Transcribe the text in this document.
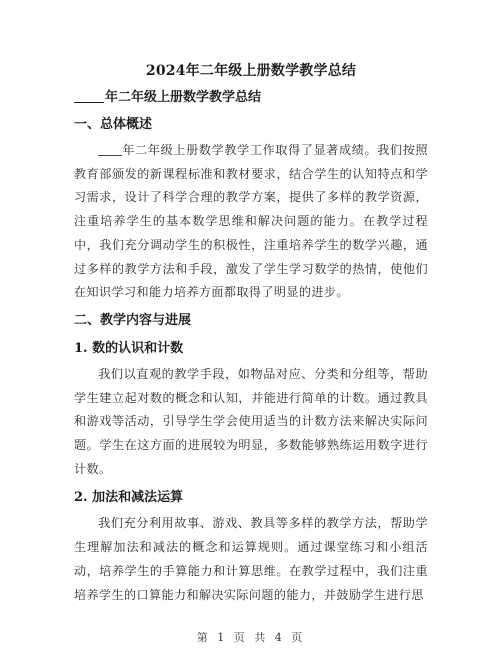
2024年二年级上册数学教学总结
年二年级上册数学教学总结
一、总体概述
年二年级上册数学教学工作取得了显著成绩。我们按照教育部颁发的新课程标准和教材要求，结合学生的认知特点和学习需求，设计了科学合理的教学方案，提供了多样的教学资源，注重培养学生的基本数学思维和解决问题的能力。在教学过程中，我们充分调动学生的积极性，注重培养学生的数学兴趣，通过多样的教学方法和手段，激发了学生学习数学的热情，使他们在知识学习和能力培养方面都取得了明显的进步。
二、教学内容与进展
1. 数的认识和计数
我们以直观的教学手段，如物品对应、分类和分组等，帮助学生建立起对数的概念和认知，并能进行简单的计数。通过教具和游戏等活动，引导学生学会使用适当的计数方法来解决实际问题。学生在这方面的进展较为明显，多数能够熟练运用数字进行计数。
2. 加法和减法运算
我们充分利用故事、游戏、教具等多样的教学方法，帮助学生理解加法和减法的概念和运算规则。通过课堂练习和小组活动，培养学生的手算能力和计算思维。在教学过程中，我们注重培养学生的口算能力和解决实际问题的能力，并鼓励学生进行思
第 1 页 共 4 页
